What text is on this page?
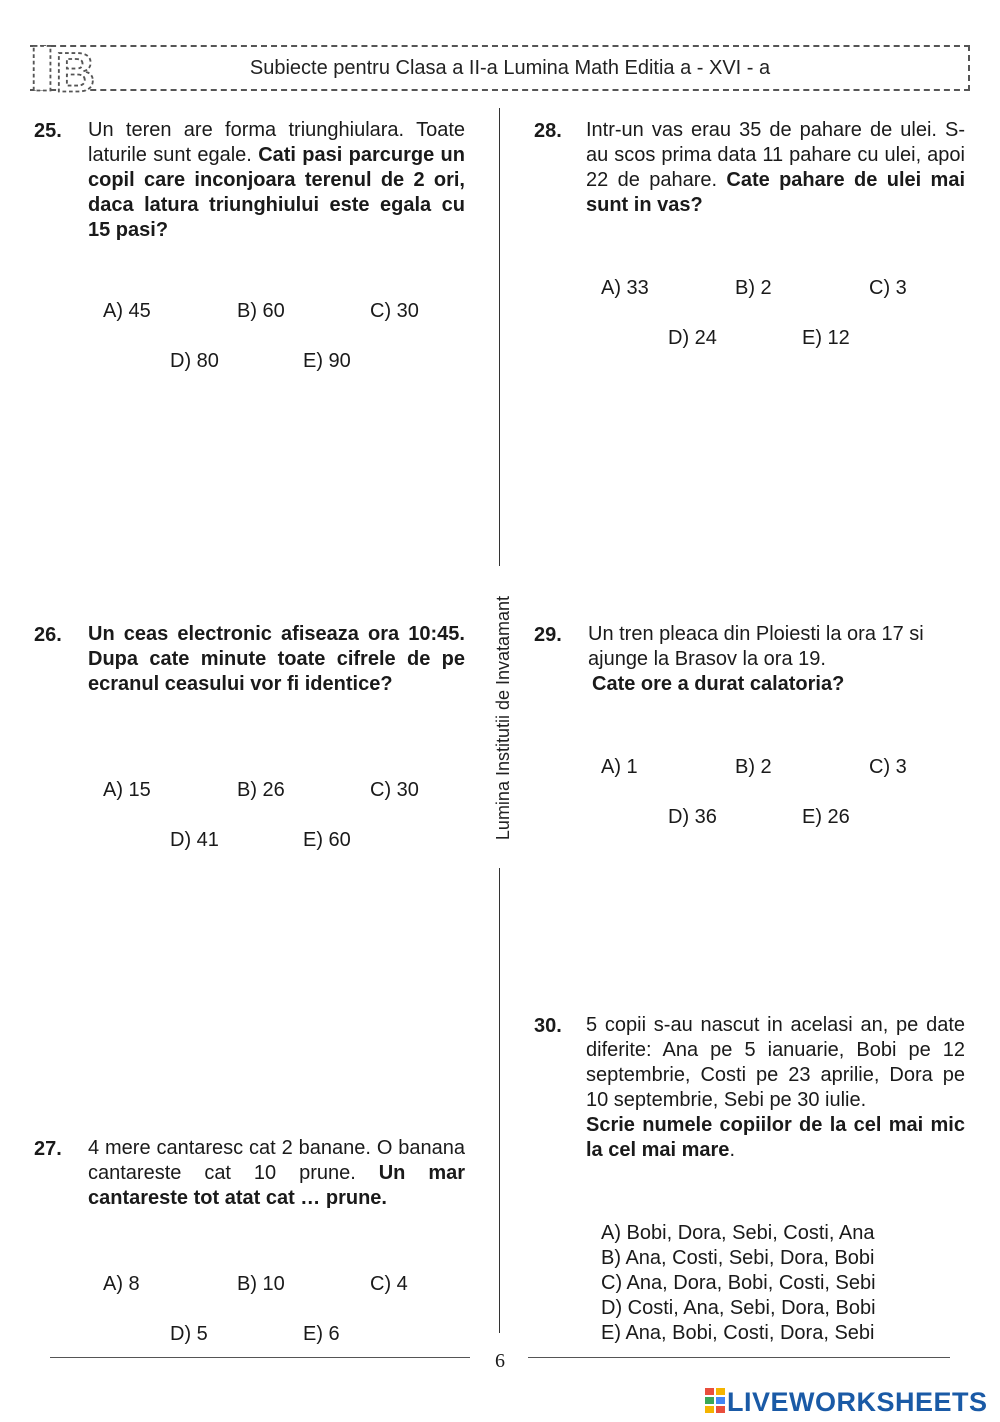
B	Subiecte pentru Clasa a II-a Lumina Math Editia a - XVI - a
Lumina Institutii de Invatamant
25. Un teren are forma triunghiulara. Toate laturile sunt egale. Cati pasi parcurge un copil care inconjoara terenul de 2 ori, daca latura triunghiului este egala cu 15 pasi?
A) 45	B) 60	C) 30
D) 80	E) 90
26. Un ceas electronic afiseaza ora 10:45. Dupa cate minute toate cifrele de pe ecranul ceasului vor fi identice?
A) 15	B) 26	C) 30
D) 41	E) 60
27. 4 mere cantaresc cat 2 banane. O banana cantareste cat 10 prune. Un mar cantareste tot atat cat … prune.
A) 8	B) 10	C) 4
D) 5	E) 6
28. Intr-un vas erau 35 de pahare de ulei. S-au scos prima data 11 pahare cu ulei, apoi 22 de pahare. Cate pahare de ulei mai sunt in vas?
A) 33	B) 2	C) 3
D) 24	E) 12
29. Un tren pleaca din Ploiesti la ora 17 si ajunge la Brasov la ora 19.
Cate ore a durat calatoria?
A) 1	B) 2	C) 3
D) 36	E) 26
30. 5 copii s-au nascut in acelasi an, pe date diferite: Ana pe 5 ianuarie, Bobi pe 12 septembrie, Costi pe 23 aprilie, Dora pe 10 septembrie, Sebi pe 30 iulie.
Scrie numele copiilor de la cel mai mic la cel mai mare.
A) Bobi, Dora, Sebi, Costi, Ana
B) Ana, Costi, Sebi, Dora, Bobi
C) Ana, Dora, Bobi, Costi, Sebi
D) Costi, Ana, Sebi, Dora, Bobi
E) Ana, Bobi, Costi, Dora, Sebi
6
LIVEWORKSHEETS
